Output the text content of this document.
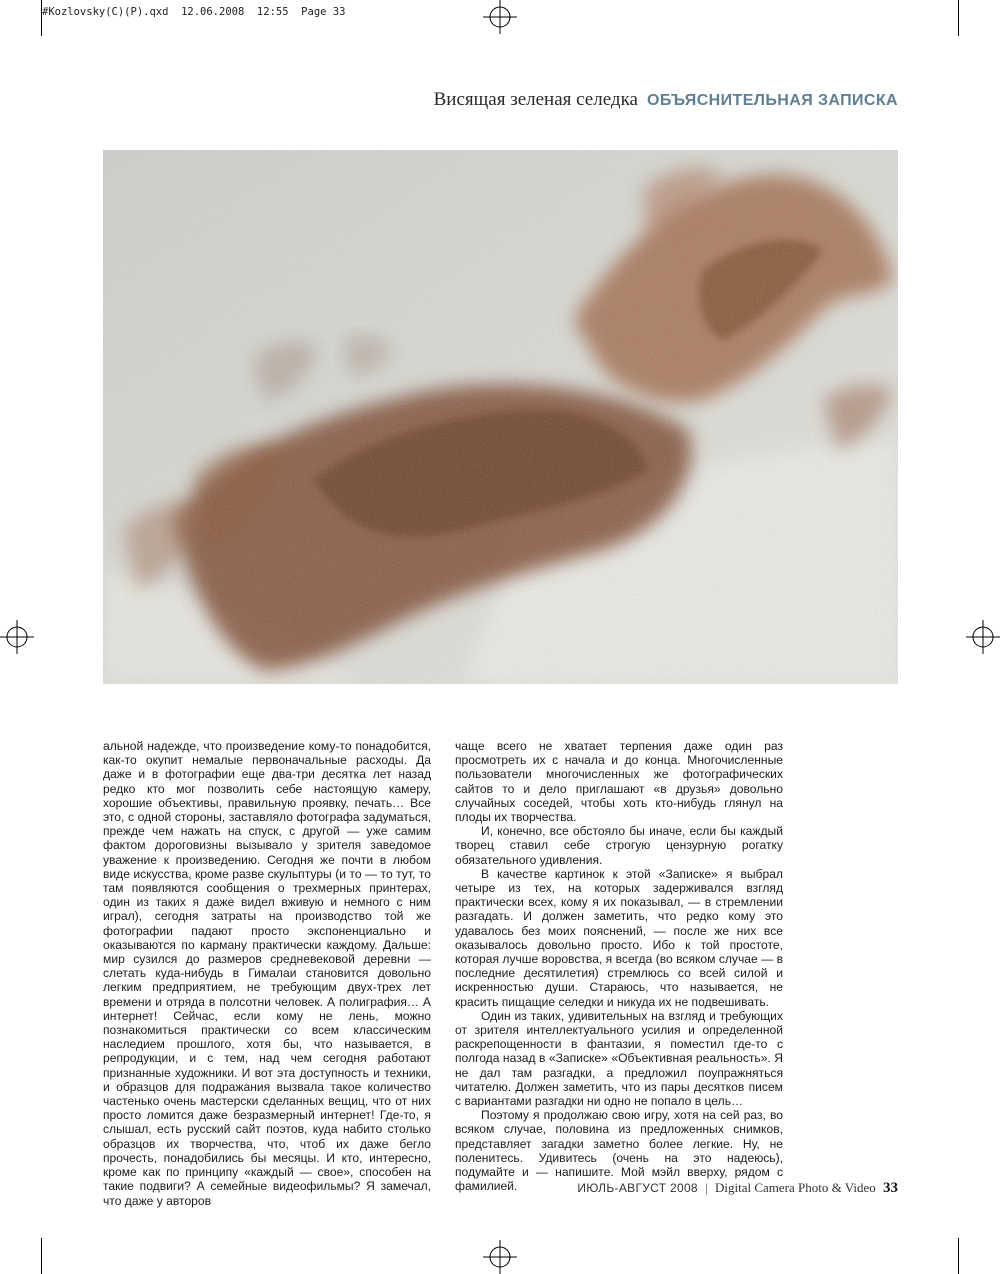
#Kozlovsky(C)(P).qxd  12.06.2008  12:55  Page 33
Висящая зеленая селедка ОБЪЯСНИТЕЛЬНАЯ ЗАПИСКА

альной надежде, что произведение кому-то понадобится, как-то окупит немалые первоначальные расходы. Да даже и в фотографии еще два-три десятка лет назад редко кто мог позволить себе настоящую камеру, хорошие объективы, правильную проявку, печать… Все это, с одной стороны, заставляло фотографа задуматься, прежде чем нажать на спуск, с другой — уже самим фактом дороговизны вызывало у зрителя заведомое уважение к произведению. Сегодня же почти в любом виде искусства, кроме разве скульптуры (и то — то тут, то там появляются сообщения о трехмерных принтерах, один из таких я даже видел вживую и немного с ним играл), сегодня затраты на производство той же фотографии падают просто экспоненциально и оказываются по карману практически каждому. Дальше: мир сузился до размеров средневековой деревни — слетать куда-нибудь в Гималаи становится довольно легким предприятием, не требующим двух-трех лет времени и отряда в полсотни человек. А полиграфия… А интернет! Сейчас, если кому не лень, можно познакомиться практически со всем классическим наследием прошлого, хотя бы, что называется, в репродукции, и с тем, над чем сегодня работают признанные художники. И вот эта доступность и техники, и образцов для подражания вызвала такое количество частенько очень мастерски сделанных вещиц, что от них просто ломится даже безразмерный интернет! Где-то, я слышал, есть русский сайт поэтов, куда набито столько образцов их творчества, что, чтоб их даже бегло прочесть, понадобились бы месяцы. И кто, интересно, кроме как по принципу «каждый — свое», способен на такие подвиги? А семейные видеофильмы? Я замечал, что даже у авторов

чаще всего не хватает терпения даже один раз просмотреть их с начала и до конца. Многочисленные пользователи многочисленных же фотографических сайтов то и дело приглашают «в друзья» довольно случайных соседей, чтобы хоть кто-нибудь глянул на плоды их творчества.

И, конечно, все обстояло бы иначе, если бы каждый творец ставил себе строгую цензурную рогатку обязательного удивления.

В качестве картинок к этой «Записке» я выбрал четыре из тех, на которых задерживался взгляд практически всех, кому я их показывал, — в стремлении разгадать. И должен заметить, что редко кому это удавалось без моих пояснений, — после же них все оказывалось довольно просто. Ибо к той простоте, которая лучше воровства, я всегда (во всяком случае — в последние десятилетия) стремлюсь со всей силой и искренностью души. Стараюсь, что называется, не красить пищащие селедки и никуда их не подвешивать.

Один из таких, удивительных на взгляд и требующих от зрителя интеллектуального усилия и определенной раскрепощенности в фантазии, я поместил где-то с полгода назад в «Записке» «Объективная реальность». Я не дал там разгадки, а предложил поупражняться читателю. Должен заметить, что из пары десятков писем с вариантами разгадки ни одно не попало в цель…

Поэтому я продолжаю свою игру, хотя на сей раз, во всяком случае, половина из предложенных снимков, представляет загадки заметно более легкие. Ну, не поленитесь. Удивитесь (очень на это надеюсь), подумайте и — напишите. Мой мэйл вверху, рядом с фамилией.	ИЮЛЬ-АВГУСТ 2008 | Digital Camera Photo & Video 33
